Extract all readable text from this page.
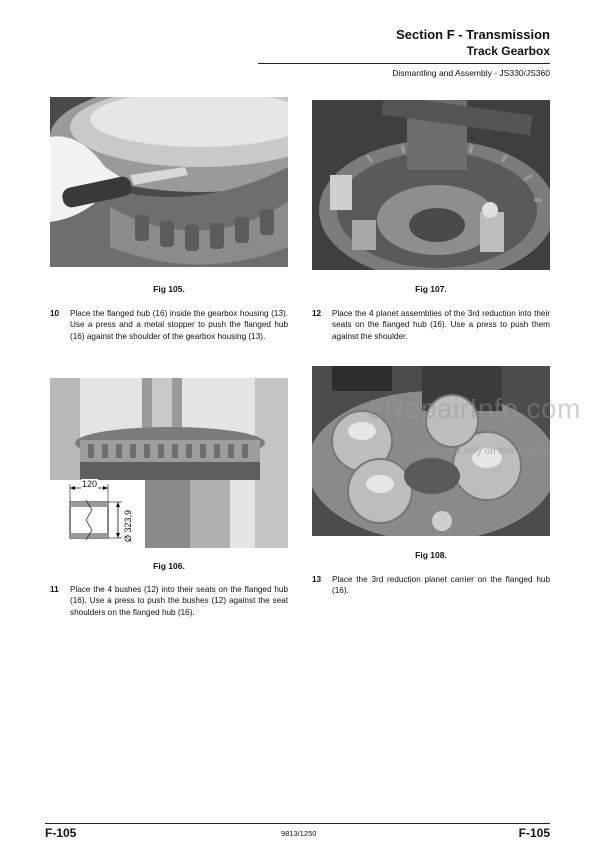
Section F - Transmission
Track Gearbox
Dismantling and Assembly - JS330/JS360
Fig 105.
10 Place the flanged hub (16) inside the gearbox housing (13). Use a press and a metal stopper to push the flanged hub (16) against the shoulder of the gearbox housing (13).
Fig 107.
12 Place the 4 planet assemblies of the 3rd reduction into their seats on the flanged hub (16). Use a press to push them against the shoulder.
120
Ø 323,9
Fig 106.
11 Place the 4 bushes (12) into their seats on the flanged hub (16). Use a press to push the bushes (12) against the seat shoulders on the flanged hub (16).
Fig 108.
eRepairInfo.com
watermark only on this sample
13 Place the 3rd reduction planet carrier on the flanged hub (16).
F-105	9813/1250	F-105
